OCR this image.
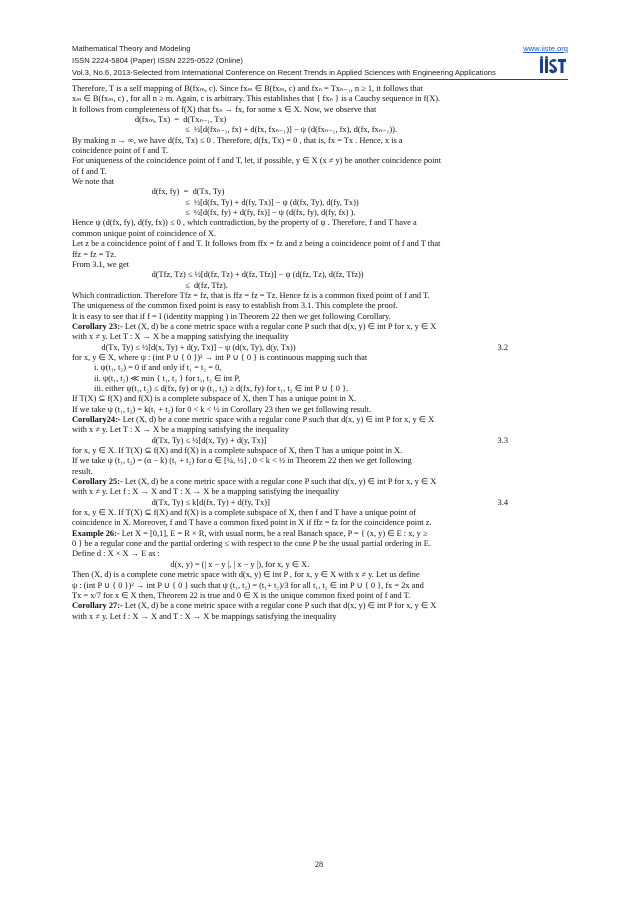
Mathematical Theory and Modeling
ISSN 2224-5804 (Paper) ISSN 2225-0522 (Online)
Vol.3, No.6, 2013-Selected from International Conference on Recent Trends in Applied Sciences with Engineering Applications
www.iiste.org
Therefore, T is a self mapping of B(fxₘ, c). Since fxₘ ∈ B(fxₘ, c) and fxₙ = Txₙ₋₁, n ≥ 1, it follows that
xₘ ∈ B(fxₘ, c) , for all n ≥ m. Again, c is arbitrary. This establishes that { fxₙ } is a Cauchy sequence in f(X).
It follows from completeness of f(X) that fxₙ → fx, for some x ∈ X. Now, we observe that
d(fxₘ, Tx)  =  d(Txₙ₋₁, Tx)
≤  ½[d(fxₙ₋₁, fx) + d(fx, fxₙ₋₁)] − ψ (d(fxₙ₋₁, fx), d(fx, fxₙ₋₁)).
By making n → ∞, we have d(fx, Tx) ≤ 0 . Therefore, d(fx, Tx) = 0 , that is, fx = Tx . Hence, x is a
coincidence point of f and T.
For uniqueness of the coincidence point of f and T, let, if possible, y ∈ X (x ≠ y) be another coincidence point
of f and T.
We note that
d(fx, fy)  =  d(Tx, Ty)
≤  ½[d(fx, Ty) + d(fy, Tx)] − ψ (d(fx, Ty), d(fy, Tx))
≤  ½[d(fx, fy) + d(fy, fx)] − ψ (d(fx, fy), d(fy, fx) ).
Hence ψ (d(fx, fy), d(fy, fx)) ≤ 0 , which contradiction, by the property of ψ . Therefore, f and T have a
common unique point of coincidence of X.
Let z be a coincidence point of f and T. It follows from ffx = fz and z being a coincidence point of f and T that
ffz = fz = Tz.
From 3.1, we get
d(Tfz, Tz) ≤ ½[d(fz, Tz) + d(fz, Tfz)] − ψ (d(fz, Tz), d(fz, Tfz))
≤  d(fz, Tfz).
Which contradiction. Therefore Tfz = fz, that is ffz = fz = Tz. Hence fz is a common fixed point of f and T.
The uniqueness of the common fixed point is easy to establish from 3.1. This complete the proof.
It is easy to see that if f = I (identity mapping ) in Theorem 22 then we get following Corollary.
Corollary 23:- Let (X, d) be a cone metric space with a regular cone P such that d(x, y) ∈ int P for x, y ∈ X
with x ≠ y. Let T : X → X be a mapping satisfying the inequality
d(Tx, Ty) ≤ ½[d(x, Ty) + d(y, Tx)] − ψ (d(x, Ty), d(y, Tx))	3.2
for x, y ∈ X, where ψ : (int P ∪ { 0 })² → int P ∪ { 0 } is continuous mapping such that
i. ψ(t₁, t₂) = 0 if and only if t₁ = t₂ = 0,
ii. ψ(t₁, t₂) ≪ min { t₁, t₂ } for t₁, t₂ ∈ int P,
iii. either ψ(t₁, t₂) ≤ d(fx, fy) or ψ (t₁, t₂) ≥ d(fx, fy) for t₁, t₂ ∈ int P ∪ { 0 }.
If T(X) ⊆ f(X) and f(X) is a complete subspace of X, then T has a unique point in X.
If we take ψ (t₁, t₂) = k(t₁ + t₂) for 0 < k < ½ in Corollary 23 then we get following result.
Corollary24:- Let (X, d) be a cone metric space with a regular cone P such that d(x, y) ∈ int P for x, y ∈ X
with x ≠ y. Let T : X → X be a mapping satisfying the inequality
d(Tx, Ty) ≤ ½[d(x, Ty) + d(y, Tx)]	3.3
for x, y ∈ X. If T(X) ⊆ f(X) and f(X) is a complete subspace of X, then T has a unique point in X.
If we take ψ (t₁, t₂) = (α − k) (t₁ + t₂) for α ∈ [¼, ½] , 0 < k < ½ in Theorem 22 then we get following
result.
Corollary 25:- Let (X, d) be a cone metric space with a regular cone P such that d(x, y) ∈ int P for x, y ∈ X
with x ≠ y. Let f : X → X and T : X → X be a mapping satisfying the inequality
d(Tx, Ty) ≤ k[d(fx, Ty) + d(fy, Tx)]	3.4
for x, y ∈ X. If T(X) ⊆ f(X) and f(X) is a complete subspace of X, then f and T have a unique point of
coincidence in X. Moreover, f and T have a common fixed point in X if ffz = fz for the coincidence point z.
Example 26:- Let X = [0,1], E = R × R, with usual norm, be a real Banach space, P = { (x, y) ∈ E : x, y ≥
0 } be a regular cone and the partial ordering ≤ with respect to the cone P be the usual partial ordering in E.
Define d : X × X → E as :
d(x, y) = (| x − y |, | x − y |), for x, y ∈ X.
Then (X, d) is a complete cone metric space with d(x, y) ∈ int P , for x, y ∈ X with x ≠ y. Let us define
ψ : (int P ∪ { 0 })² → int P ∪ { 0 } such that ψ (t₁, t₂) = (t₁+ t₂)/3 for all t₁, t₂ ∈ int P ∪ { 0 }, fx = 2x and
Tx = x/7 for x ∈ X then, Theorem 22 is true and 0 ∈ X is the unique common fixed point of f and T.
Corollary 27:- Let (X, d) be a cone metric space with a regular cone P such that d(x, y) ∈ int P for x, y ∈ X
with x ≠ y. Let f : X → X and T : X → X be mappings satisfying the inequality
28
